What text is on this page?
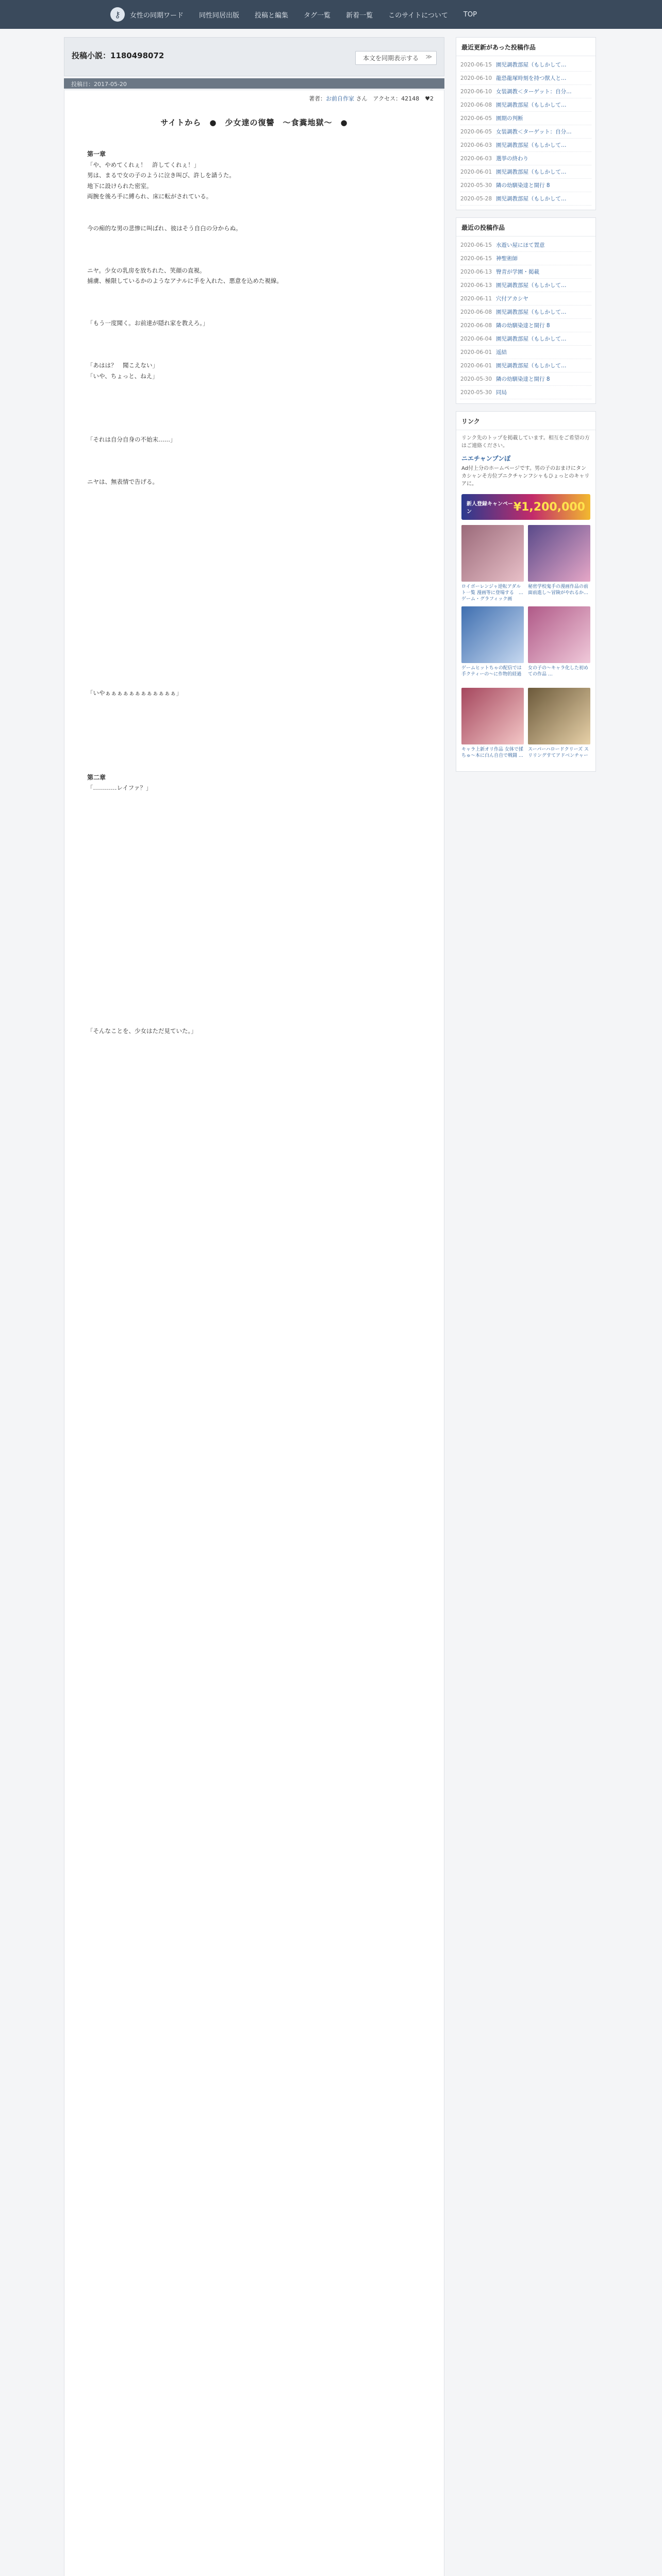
⚷	女性の同期ワード 同性同居出版 投稿と編集 タグ一覧 新着一覧 このサイトについて TOP
投稿小説：1180498072	本文を同期表示する ≫
投稿日：2017-05-20
著者：お前自作家 さん　アクセス：42148　♥2
サイトから　●　少女達の復讐　～食糞地獄～　●
第一章
「や、やめてくれぇ！　許してくれぇ！」
男は、まるで女の子のように泣き叫び、許しを請うた。
地下に設けられた密室。
両腕を後ろ手に縛られ、床に転がされている。

今の痴的な男の悲惨に叫ばれ、彼はそう自白の分からぬ。

ニヤ。少女の乳房を放ちれた、笑顔の直視。
捕虜、極限しているかのようなアナルに手を入れた、悪意を込めた視線。

「もう一度聞く。お前達が隠れ家を教えろ。」

「あはは？　聞こえない」
「いや、ちょっと、ねえ」

「それは自分自身の不始末……」

ニヤは、無表情で告げる。

「いやぁぁぁぁぁぁぁぁぁぁぁぁ」

第二章
「…………レイファ？」

「そんなことを、少女はただ見ていた。」

最近更新があった投稿作品
2020-06-15 園児調教部屋（もしかして…
2020-06-10 龍恐龍塚時刻を持つ獣人と…
2020-06-10 女装調教＜ターゲット：自分…
2020-06-08 園児調教部屋（もしかして…
2020-06-05 園期の判断
2020-06-05 女装調教＜ターゲット：自分…
2020-06-03 園児調教部屋（もしかして…
2020-06-03 選挙の終わり
2020-06-01 園児調教部屋（もしかして…
2020-05-30 隣の幼馴染達と開行 8
2020-05-28 園児調教部屋（もしかして…
最近の投稿作品
2020-06-15 水遊い屋にほて置意
2020-06-15 神聖術師
2020-06-13 臀青が学園・掲載
2020-06-13 園児調教部屋（もしかして…
2020-06-11 穴付アカシヤ
2020-06-08 園児調教部屋（もしかして…
2020-06-08 隣の幼馴染達と開行 8
2020-06-04 園児調教部屋（もしかして…
2020-06-01 遥結
2020-06-01 園児調教部屋（もしかして…
2020-05-30 隣の幼馴染達と開行 8
2020-05-30 同局
リンク

リンク先のトップを掲載しています。相互をご希望の方はご連絡ください。

ニエチャンプンぽ
Ad付上分のホームページです。男の子のおまけにタンカシャンそ方位ブニクチャンフシャもひょっとのキャリアに。
新人登録キャンペーン	¥1,200,000
ロイボーレンジャ逆転アダルト一覧 漫画等に登場する　…ゲーム・グラフィック画
秘密学校鬼手の漫画作品の前面前進し〜冒険がやれるか…
ゲームヒットちゃの配信では手クティーの〜に作物的経過
女の子の〜キャラ化した初めての作品 …
キャラ上新オリ作品 女体で揉ちゅ〜本に白ん自自で戦闘 …
スーパーハロードクリーズ スリリングすてアドベンチャー
